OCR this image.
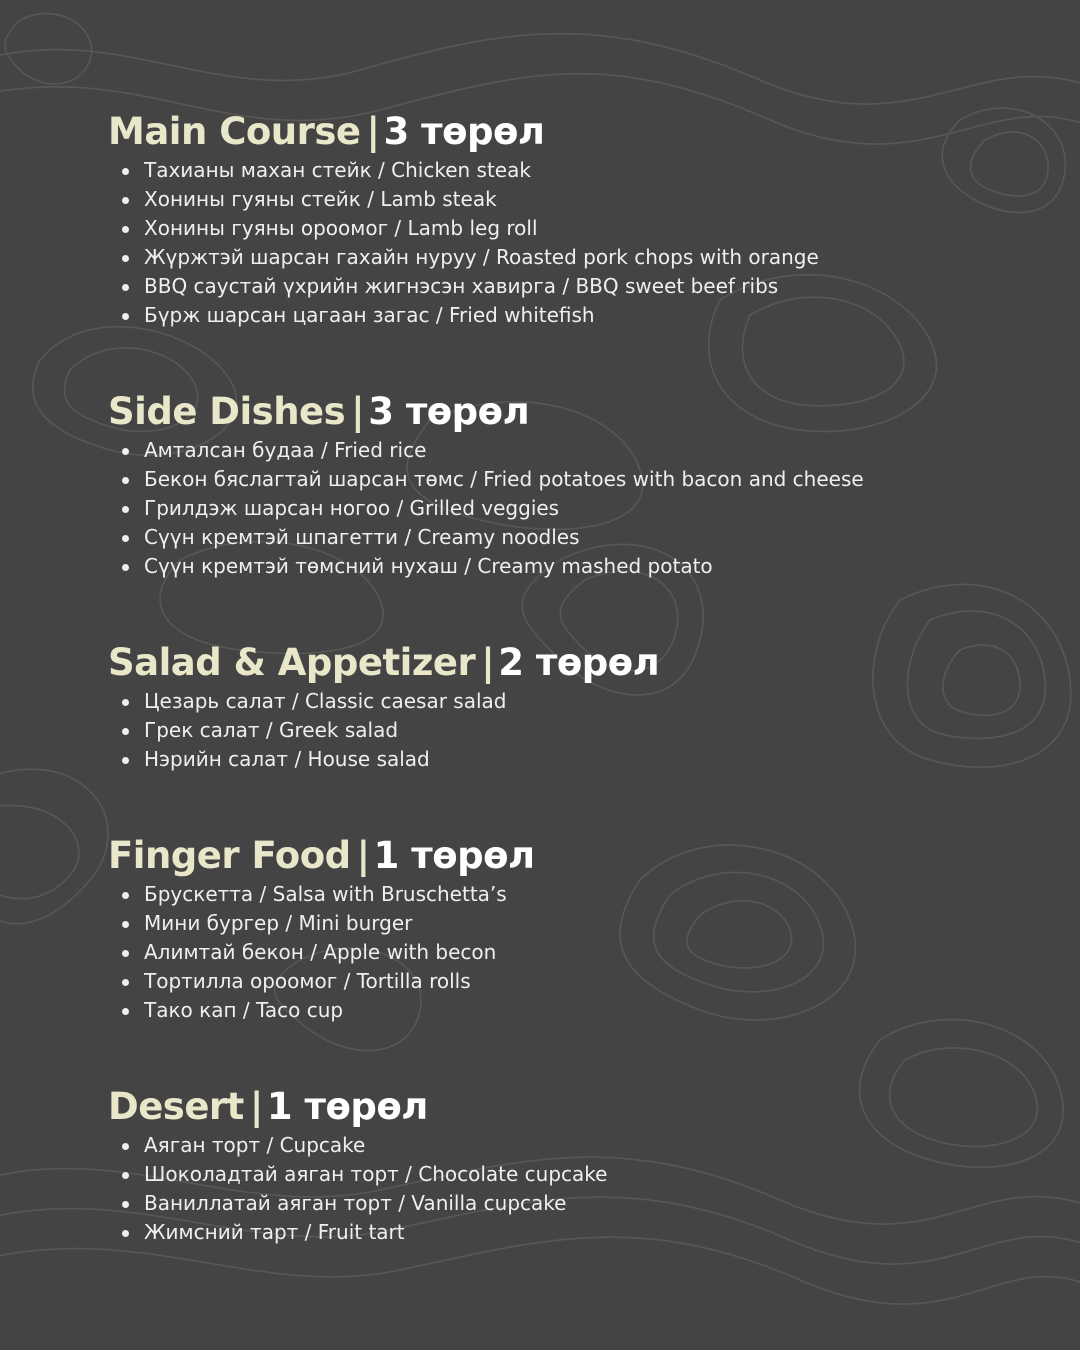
Main Course | 3 төрөл
Тахианы махан стейк / Chicken steak
Хонины гуяны стейк / Lamb steak
Хонины гуяны ороомог / Lamb leg roll
Жүржтэй шарсан гахайн нуруу / Roasted pork chops with orange
BBQ саустай үхрийн жигнэсэн хавирга / BBQ sweet beef ribs
Бүрж шарсан цагаан загас / Fried whitefish
Side Dishes | 3 төрөл
Амталсан будаа / Fried rice
Бекон бяслагтай шарсан төмс / Fried potatoes with bacon and cheese
Грилдэж шарсан ногоо / Grilled veggies
Сүүн кремтэй шпагетти / Creamy noodles
Сүүн кремтэй төмсний нухаш / Creamy mashed potato
Salad & Appetizer | 2 төрөл
Цезарь салат / Classic caesar salad
Грек салат / Greek salad
Нэрийн салат / House salad
Finger Food | 1 төрөл
Брускетта / Salsa with Bruschetta’s
Мини бургер / Mini burger
Алимтай бекон / Apple with becon
Тортилла ороомог / Tortilla rolls
Тако кап / Taco cup
Desert | 1 төрөл
Аяган торт / Cupcake
Шоколадтай аяган торт / Chocolate cupcake
Ваниллатай аяган торт / Vanilla cupcake
Жимсний тарт / Fruit tart
